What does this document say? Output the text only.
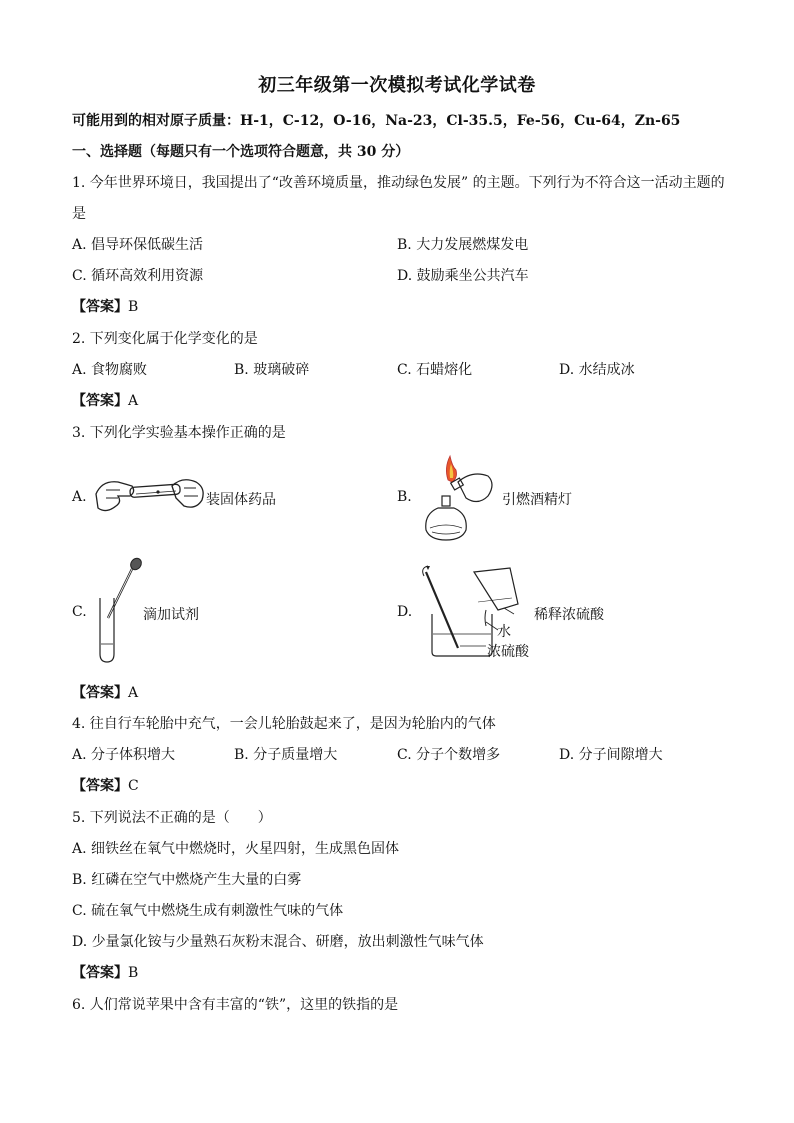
初三年级第一次模拟考试化学试卷
可能用到的相对原子质量：H-1，C-12，O-16，Na-23，Cl-35.5，Fe-56，Cu-64，Zn-65
一、选择题（每题只有一个选项符合题意，共 30 分）
1. 今年世界环境日，我国提出了“改善环境质量，推动绿色发展” 的主题。下列行为不符合这一活动主题的
是
A. 倡导环保低碳生活	B. 大力发展燃煤发电
C. 循环高效利用资源	D. 鼓励乘坐公共汽车
【答案】B
2. 下列变化属于化学变化的是
A. 食物腐败	B. 玻璃破碎	C. 石蜡熔化	D. 水结成冰
【答案】A
3. 下列化学实验基本操作正确的是
A.	装固体药品	B.	引燃酒精灯
C.	滴加试剂	D.	稀释浓硫酸
水
浓硫酸
【答案】A
4. 往自行车轮胎中充气，一会儿轮胎鼓起来了，是因为轮胎内的气体
A. 分子体积增大	B. 分子质量增大	C. 分子个数增多	D. 分子间隙增大
【答案】C
5. 下列说法不正确的是（　　）
A. 细铁丝在氧气中燃烧时，火星四射，生成黑色固体
B. 红磷在空气中燃烧产生大量的白雾
C. 硫在氧气中燃烧生成有刺激性气味的气体
D. 少量氯化铵与少量熟石灰粉末混合、研磨，放出刺激性气味气体
【答案】B
6. 人们常说苹果中含有丰富的“铁”，这里的铁指的是
